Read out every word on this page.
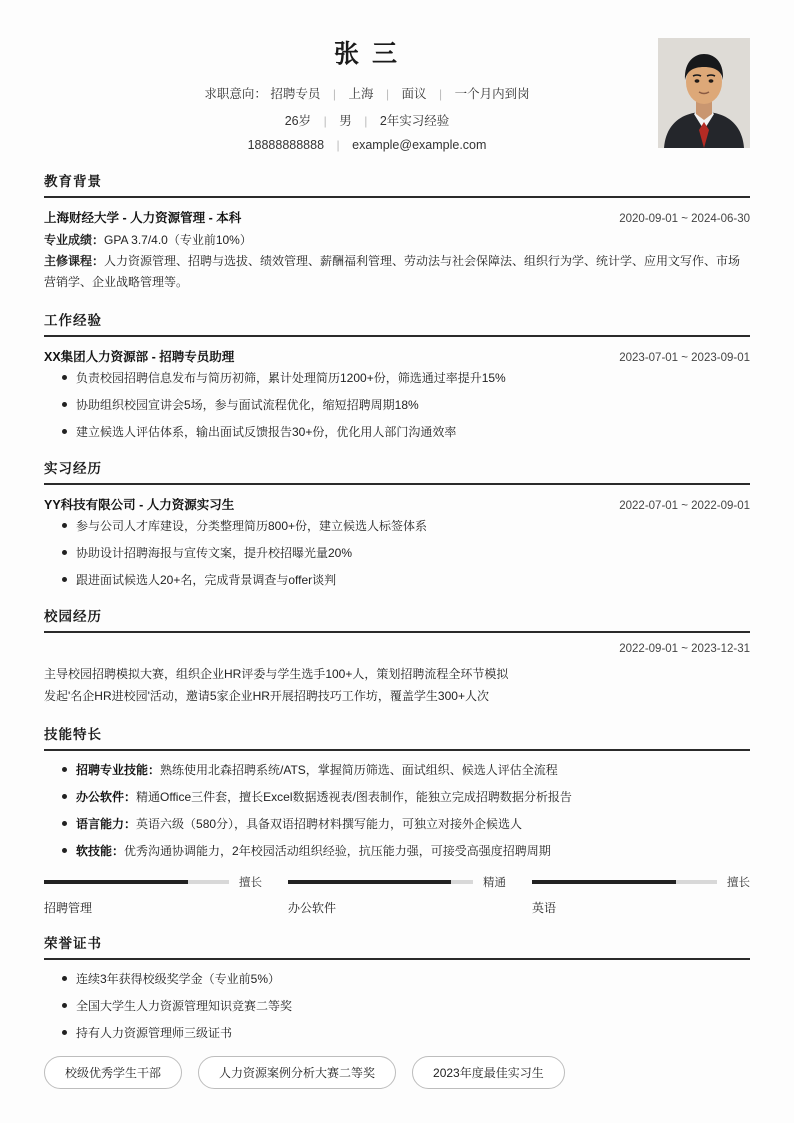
张 三
求职意向： 招聘专员 | 上海 | 面议 | 一个月内到岗
26岁 | 男 | 2年实习经验
18888888888 | example@example.com
教育背景
上海财经大学 - 人力资源管理 - 本科	2020-09-01 ~ 2024-06-30
专业成绩：GPA 3.7/4.0（专业前10%）
主修课程：人力资源管理、招聘与选拔、绩效管理、薪酬福利管理、劳动法与社会保障法、组织行为学、统计学、应用文写作、市场营销学、企业战略管理等。
工作经验
XX集团人力资源部 - 招聘专员助理	2023-07-01 ~ 2023-09-01
负责校园招聘信息发布与简历初筛，累计处理简历1200+份，筛选通过率提升15%
协助组织校园宣讲会5场，参与面试流程优化，缩短招聘周期18%
建立候选人评估体系，输出面试反馈报告30+份，优化用人部门沟通效率
实习经历
YY科技有限公司 - 人力资源实习生	2022-07-01 ~ 2022-09-01
参与公司人才库建设，分类整理简历800+份，建立候选人标签体系
协助设计招聘海报与宣传文案，提升校招曝光量20%
跟进面试候选人20+名，完成背景调查与offer谈判
校园经历
2022-09-01 ~ 2023-12-31
主导校园招聘模拟大赛，组织企业HR评委与学生选手100+人，策划招聘流程全环节模拟
发起'名企HR进校园'活动，邀请5家企业HR开展招聘技巧工作坊，覆盖学生300+人次
技能特长
招聘专业技能：熟练使用北森招聘系统/ATS，掌握简历筛选、面试组织、候选人评估全流程
办公软件：精通Office三件套，擅长Excel数据透视表/图表制作，能独立完成招聘数据分析报告
语言能力：英语六级（580分），具备双语招聘材料撰写能力，可独立对接外企候选人
软技能：优秀沟通协调能力，2年校园活动组织经验，抗压能力强，可接受高强度招聘周期
擅长
招聘管理
精通
办公软件
擅长
英语
荣誉证书
连续3年获得校级奖学金（专业前5%）
全国大学生人力资源管理知识竞赛二等奖
持有人力资源管理师三级证书
校级优秀学生干部	人力资源案例分析大赛二等奖	2023年度最佳实习生
